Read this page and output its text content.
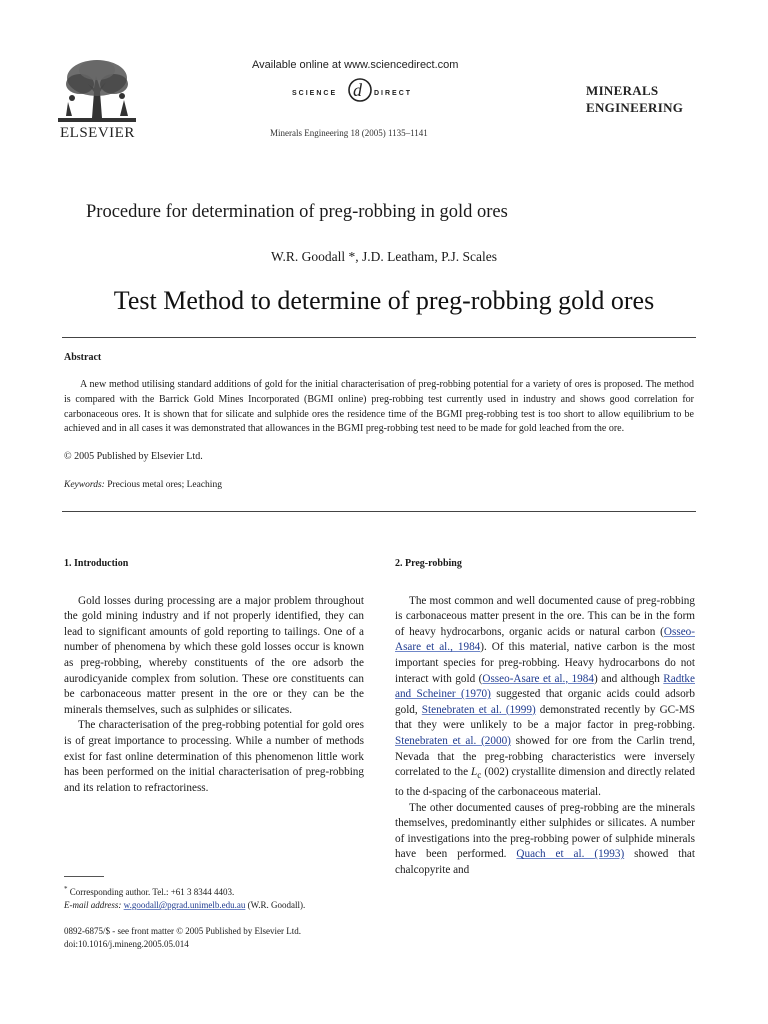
ELSEVIER
Available online at www.sciencedirect.com
SCIENCE d DIRECT
Minerals Engineering 18 (2005) 1135–1141
MINERALS
ENGINEERING
Procedure for determination of preg-robbing in gold ores
W.R. Goodall *, J.D. Leatham, P.J. Scales
Test Method to determine of preg-robbing gold ores
Abstract

A new method utilising standard additions of gold for the initial characterisation of preg-robbing potential for a variety of ores is proposed. The method is compared with the Barrick Gold Mines Incorporated (BGMI online) preg-robbing test currently used in industry and shows good correlation for carbonaceous ores. It is shown that for silicate and sulphide ores the residence time of the BGMI preg-robbing test is too short to allow equilibrium to be achieved and in all cases it was demonstrated that allowances in the BGMI preg-robbing test need to be made for gold leached from the ore.

© 2005 Published by Elsevier Ltd.
Keywords: Precious metal ores; Leaching
1. Introduction

Gold losses during processing are a major problem throughout the gold mining industry and if not properly identified, they can lead to significant amounts of gold reporting to tailings. One of a number of phenomena by which these gold losses occur is known as preg-robbing, whereby constituents of the ore adsorb the aurodicyanide complex from solution. These ore constituents can be carbonaceous matter present in the ore or they can be the minerals themselves, such as sulphides or silicates.

The characterisation of the preg-robbing potential for gold ores is of great importance to processing. While a number of methods exist for fast online determination of this phenomenon little work has been performed on the initial characterisation of preg-robbing and its relation to refractoriness.

2. Preg-robbing

The most common and well documented cause of preg-robbing is carbonaceous matter present in the ore. This can be in the form of heavy hydrocarbons, organic acids or natural carbon (Osseo-Asare et al., 1984). Of this material, native carbon is the most important species for preg-robbing. Heavy hydrocarbons do not interact with gold (Osseo-Asare et al., 1984) and although Radtke and Scheiner (1970) suggested that organic acids could adsorb gold, Stenebraten et al. (1999) demonstrated recently by GC-MS that they were unlikely to be a major factor in preg-robbing. Stenebraten et al. (2000) showed for ore from the Carlin trend, Nevada that the preg-robbing characteristics were inversely correlated to the $L_c$ (002) crystallite dimension and directly related to the d-spacing of the carbonaceous material.

The other documented causes of preg-robbing are the minerals themselves, predominantly either sulphides or silicates. A number of investigations into the preg-robbing power of sulphide minerals have been performed. Quach et al. (1993) showed that chalcopyrite and

* Corresponding author. Tel.: +61 3 8344 4403.
E-mail address: w.goodall@pgrad.unimelb.edu.au (W.R. Goodall).
0892-6875/$ - see front matter © 2005 Published by Elsevier Ltd.
doi:10.1016/j.mineng.2005.05.014
